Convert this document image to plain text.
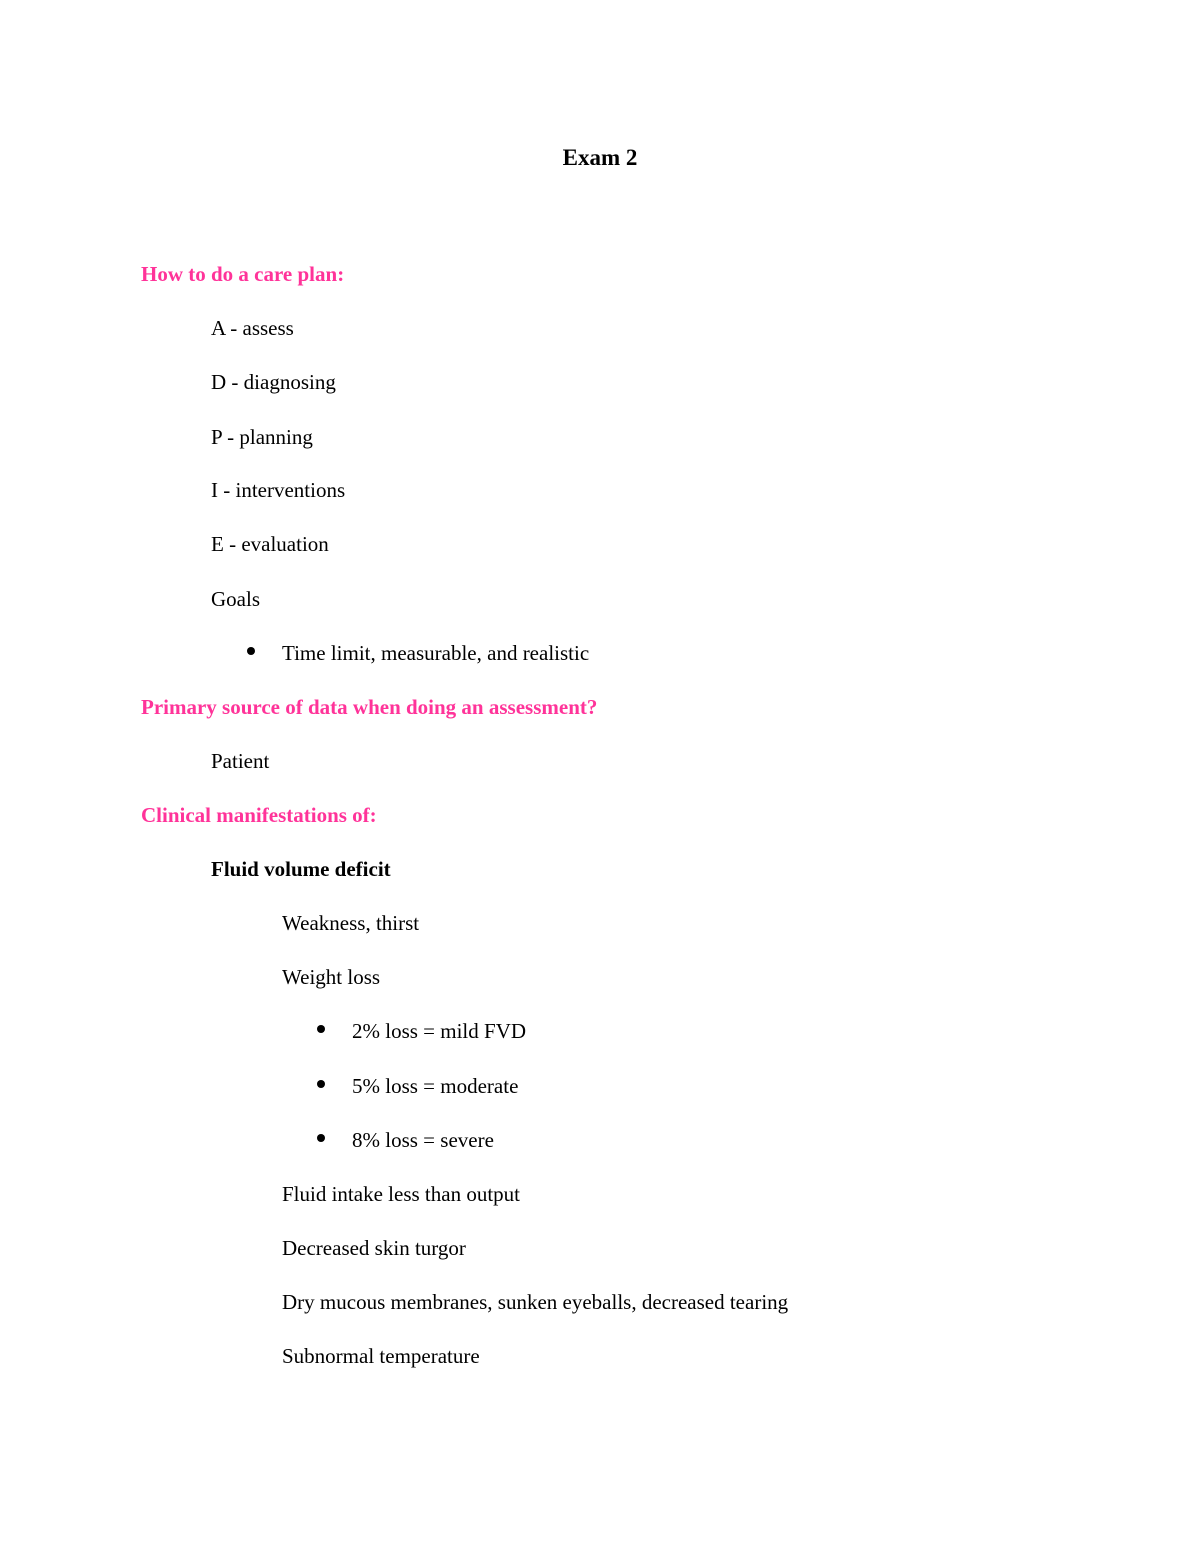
Exam 2
How to do a care plan:
A - assess
D - diagnosing
P - planning
I - interventions
E - evaluation
Goals
Time limit, measurable, and realistic
Primary source of data when doing an assessment?
Patient
Clinical manifestations of:
Fluid volume deficit
Weakness, thirst
Weight loss
2% loss = mild FVD
5% loss = moderate
8% loss = severe
Fluid intake less than output
Decreased skin turgor
Dry mucous membranes, sunken eyeballs, decreased tearing
Subnormal temperature
